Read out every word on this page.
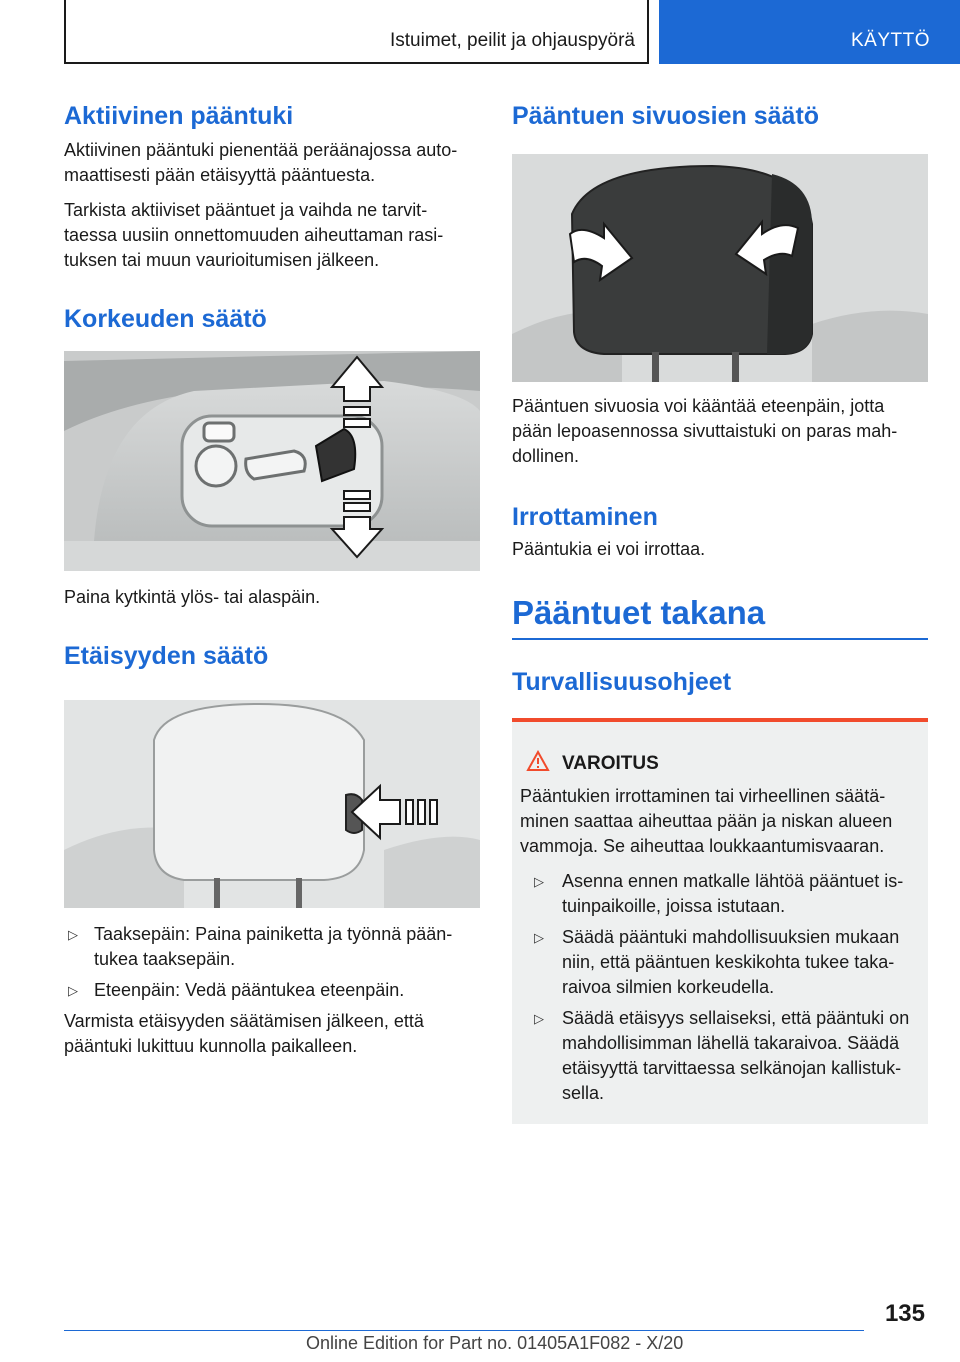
Istuimet, peilit ja ohjauspyörä	KÄYTTÖ
Aktiivinen pääntuki

Aktiivinen pääntuki pienentää peräänajossa auto-maattisesti pään etäisyyttä pääntuesta.

Tarkista aktiiviset pääntuet ja vaihda ne tarvit-taessa uusiin onnettomuuden aiheuttaman rasi-tuksen tai muun vaurioitumisen jälkeen.

Korkeuden säätö

Paina kytkintä ylös- tai alaspäin.

Etäisyyden säätö
▷ Taaksepäin: Paina painiketta ja työnnä pään-tukea taaksepäin.
▷ Eteenpäin: Vedä pääntukea eteenpäin.

Varmista etäisyyden säätämisen jälkeen, että pääntuki lukittuu kunnolla paikalleen.

Pääntuen sivuosien säätö

Pääntuen sivuosia voi kääntää eteenpäin, jotta pään lepoasennossa sivuttaistuki on paras mah-dollinen.

Irrottaminen

Pääntukia ei voi irrottaa.

Pääntuet takana
Turvallisuusohjeet
VAROITUS

Pääntukien irrottaminen tai virheellinen säätä-minen saattaa aiheuttaa pään ja niskan alueen vammoja. Se aiheuttaa loukkaantumisvaaran.

▷ Asenna ennen matkalle lähtöä pääntuet is-tuinpaikoille, joissa istutaan.
▷ Säädä pääntuki mahdollisuuksien mukaan niin, että pääntuen keskikohta tukee taka-raivoa silmien korkeudella.
▷ Säädä etäisyys sellaiseksi, että pääntuki on mahdollisimman lähellä takaraivoa. Säädä etäisyyttä tarvittaessa selkänojan kallistuk-sella.
135
Online Edition for Part no. 01405A1F082 - X/20
